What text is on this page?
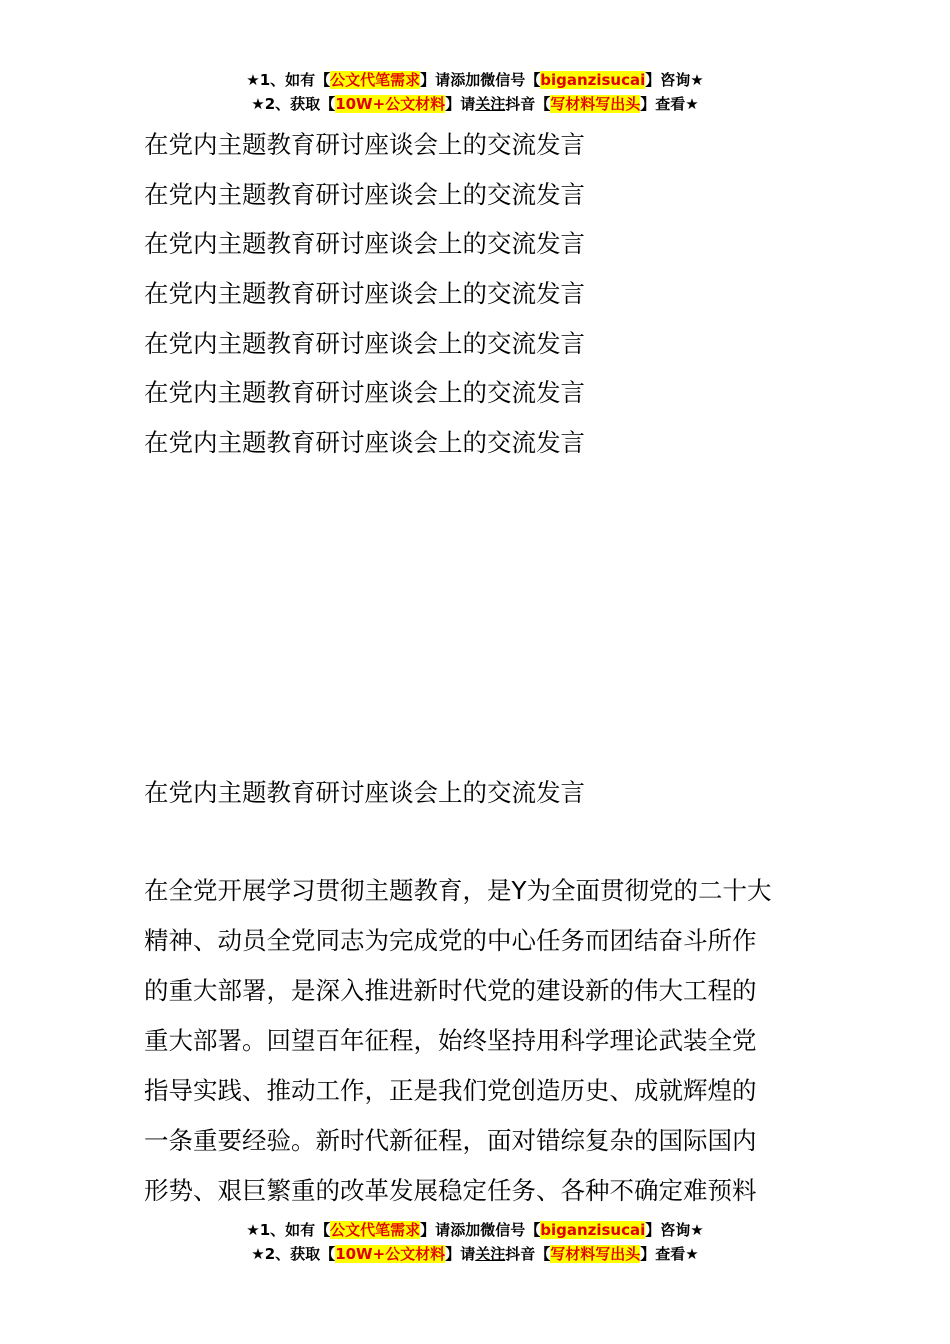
★1、如有【公文代笔需求】请添加微信号【biganzisucai】咨询★
★2、获取【10W+公文材料】请关注抖音【写材料写出头】查看★
在党内主题教育研讨座谈会上的交流发言
在党内主题教育研讨座谈会上的交流发言
在党内主题教育研讨座谈会上的交流发言
在党内主题教育研讨座谈会上的交流发言
在党内主题教育研讨座谈会上的交流发言
在党内主题教育研讨座谈会上的交流发言
在党内主题教育研讨座谈会上的交流发言
在党内主题教育研讨座谈会上的交流发言
在全党开展学习贯彻主题教育，是Y为全面贯彻党的二十大
精神、动员全党同志为完成党的中心任务而团结奋斗所作
的重大部署，是深入推进新时代党的建设新的伟大工程的
重大部署。回望百年征程，始终坚持用科学理论武装全党
指导实践、推动工作，正是我们党创造历史、成就辉煌的
一条重要经验。新时代新征程，面对错综复杂的国际国内
形势、艰巨繁重的改革发展稳定任务、各种不确定难预料
★1、如有【公文代笔需求】请添加微信号【biganzisucai】咨询★
★2、获取【10W+公文材料】请关注抖音【写材料写出头】查看★
